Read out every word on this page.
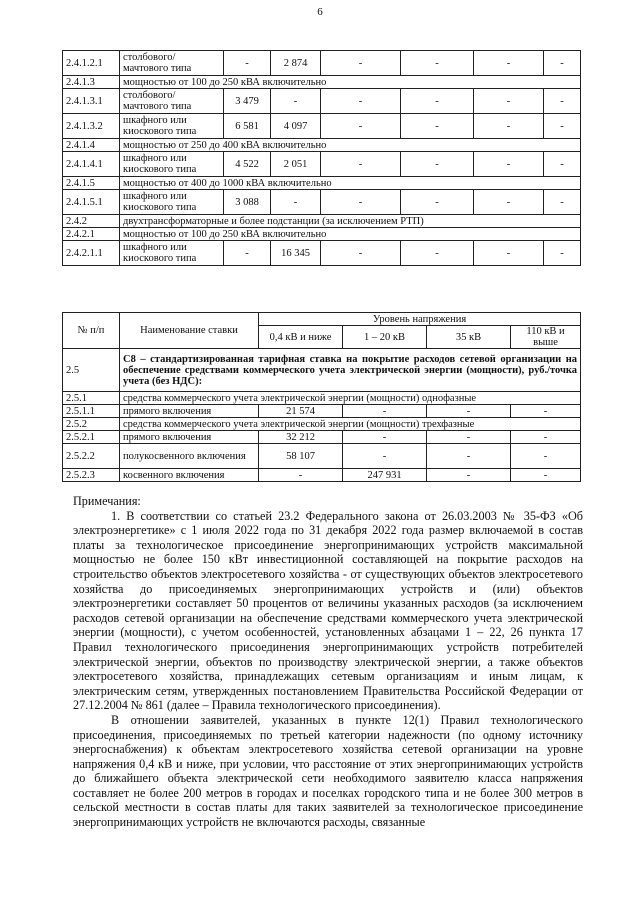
6
2.4.1.2.1	столбового/ мачтового типа	-	2 874	-	-	-	-
2.4.1.3	мощностью от 100 до 250 кВА включительно						
2.4.1.3.1	столбового/ мачтового типа	3 479	-	-	-	-	-
2.4.1.3.2	шкафного или киоскового типа	6 581	4 097	-	-	-	-
2.4.1.4	мощностью от 250 до 400 кВА включительно						
2.4.1.4.1	шкафного или киоскового типа	4 522	2 051	-	-	-	-
2.4.1.5	мощностью от 400 до 1000 кВА включительно						
2.4.1.5.1	шкафного или киоскового типа	3 088	-	-	-	-	-
2.4.2	двухтрансформаторные и более подстанции (за исключением РТП)						
2.4.2.1	мощностью от 100 до 250 кВА включительно						
2.4.2.1.1	шкафного или киоскового типа	-	16 345	-	-	-	-
№ п/п	Наименование ставки	Уровень напряжения			
		0,4 кВ и ниже	1 – 20 кВ	35 кВ	110 кВ и выше
2.5	C8 – стандартизированная тарифная ставка на покрытие расходов сетевой организации на обеспечение средствами коммерческого учета электрической энергии (мощности), руб./точка учета (без НДС):				
2.5.1	средства коммерческого учета электрической энергии (мощности) однофазные				
2.5.1.1	прямого включения	21 574	-	-	-
2.5.2	средства коммерческого учета электрической энергии (мощности) трехфазные				
2.5.2.1	прямого включения	32 212	-	-	-
2.5.2.2	полукосвенного включения	58 107	-	-	-
2.5.2.3	косвенного включения	-	247 931	-	-

Примечания:

1. В соответствии со статьей 23.2 Федерального закона от 26.03.2003 № 35-ФЗ «Об электроэнергетике» с 1 июля 2022 года по 31 декабря 2022 года размер включаемой в состав платы за технологическое присоединение энергопринимающих устройств максимальной мощностью не более 150 кВт инвестиционной составляющей на покрытие расходов на строительство объектов электросетевого хозяйства - от существующих объектов электросетевого хозяйства до присоединяемых энергопринимающих устройств и (или) объектов электроэнергетики составляет 50 процентов от величины указанных расходов (за исключением расходов сетевой организации на обеспечение средствами коммерческого учета электрической энергии (мощности), с учетом особенностей, установленных абзацами 1 – 22, 26 пункта 17 Правил технологического присоединения энергопринимающих устройств потребителей электрической энергии, объектов по производству электрической энергии, а также объектов электросетевого хозяйства, принадлежащих сетевым организациям и иным лицам, к электрическим сетям, утвержденных постановлением Правительства Российской Федерации от 27.12.2004 № 861 (далее – Правила технологического присоединения).

В отношении заявителей, указанных в пункте 12(1) Правил технологического присоединения, присоединяемых по третьей категории надежности (по одному источнику энергоснабжения) к объектам электросетевого хозяйства сетевой организации на уровне напряжения 0,4 кВ и ниже, при условии, что расстояние от этих энергопринимающих устройств до ближайшего объекта электрической сети необходимого заявителю класса напряжения составляет не более 200 метров в городах и поселках городского типа и не более 300 метров в сельской местности в состав платы для таких заявителей за технологическое присоединение энергопринимающих устройств не включаются расходы, связанные
